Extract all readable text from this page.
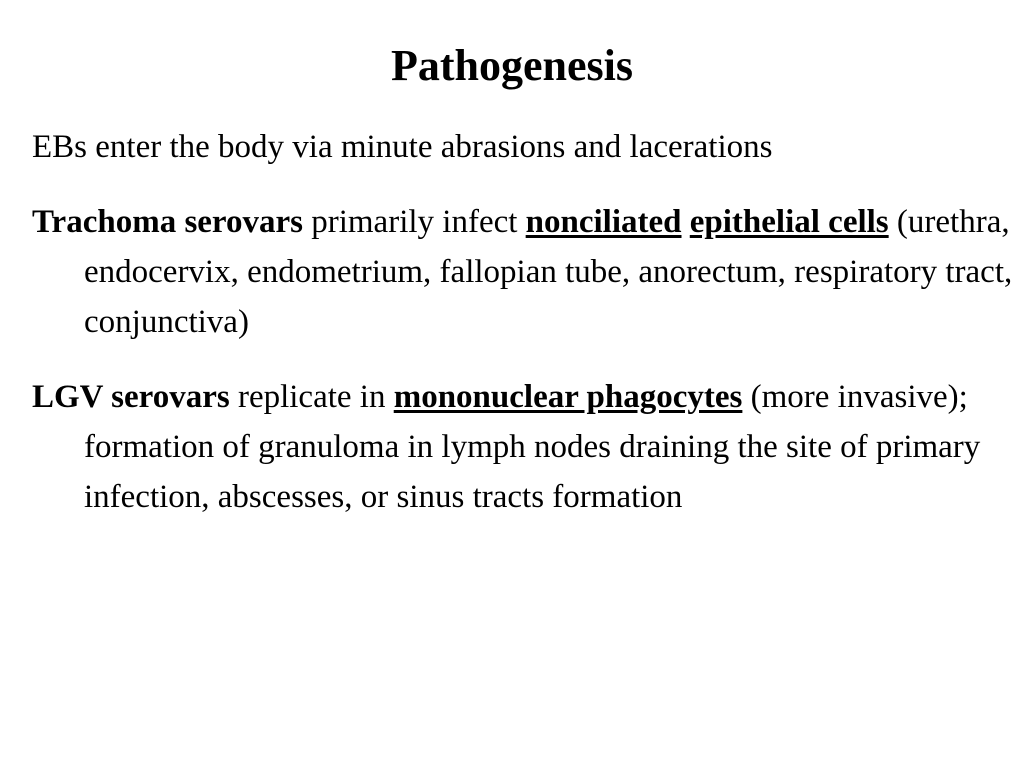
Pathogenesis

EBs enter the body via minute abrasions and lacerations

Trachoma serovars primarily infect nonciliated epithelial cells (urethra, endocervix, endometrium, fallopian tube, anorectum, respiratory tract, conjunctiva)

LGV serovars replicate in mononuclear phagocytes (more invasive); formation of granuloma in lymph nodes draining the site of primary infection, abscesses, or sinus tracts formation
